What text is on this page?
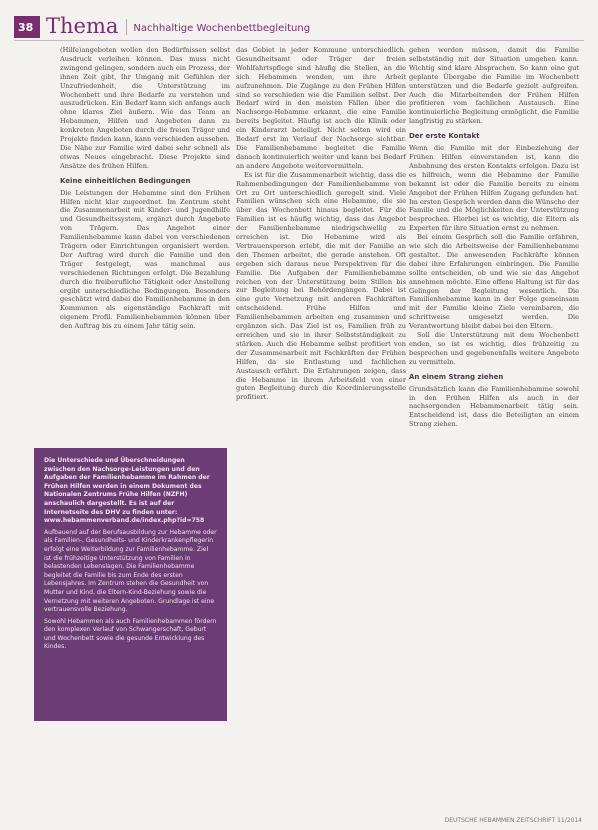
38 Thema Nachhaltige Wochenbettbegleitung

(Hilfe)angeboten wollen den Bedürfnissen selbst Ausdruck verleihen können. Das muss nicht zwingend gelingen, sondern auch ein Prozess, der ihnen Zeit gibt, Ihr Umgang mit Gefühlen der Unzufriedenheit, die Unterstützung im Wochenbett und ihre Bedarfe zu verstehen und auszudrücken. Ein Bedarf kann sich anfangs auch ohne klares Ziel äußern. Wie das Team an Hebammen, Hilfen und Angeboten dann zu konkreten Angeboten durch die freien Träger und Projekte finden kann, kann verschieden aussehen. Die Nähe zur Familie wird dabei sehr schnell als etwas Neues eingebracht. Diese Projekte sind Ansätze des frühen Hilfen.

Keine einheitlichen Bedingungen

Die Leistungen der Hebamme sind den Frühen Hilfen nicht klar zugeordnet. Im Zentrum steht die Zusammenarbeit mit Kinder- und Jugendhilfe und Gesundheitssystem, ergänzt durch Angebote von Trägern. Das Angebot einer Familienhebamme kann dabei von verschiedenen Trägern oder Einrichtungen organisiert werden. Der Auftrag wird durch die Familie und den Träger festgelegt, was manchmal aus verschiedenen Richtungen erfolgt. Die Bezahlung durch die freiberufliche Tätigkeit oder Anstellung ergibt unterschiedliche Bedingungen. Besonders geschätzt wird dabei die Familienhebamme in den Kommunen als eigenständige Fachkraft mit eigenem Profil. Familienhebammen können über den Auftrag bis zu einem Jahr tätig sein.

das Gebiet in jeder Kommune unterschiedlich. Gesundheitsamt oder Träger der freien Wohlfahrtspflege sind häufig die Stellen, an die sich Hebammen wenden, um ihre Arbeit aufzunehmen. Die Zugänge zu den Frühen Hilfen sind so verschieden wie die Familien selbst. Der Bedarf wird in den meisten Fällen über die Nachsorge-Hebamme erkannt, die eine Familie bereits begleitet. Häufig ist auch die Klinik oder ein Kinderarzt beteiligt. Nicht selten wird ein Bedarf erst im Verlauf der Nachsorge sichtbar. Die Familienhebamme begleitet die Familie danach kontinuierlich weiter und kann bei Bedarf an andere Angebote weitervermitteln.

Es ist für die Zusammenarbeit wichtig, dass die Rahmenbedingungen der Familienhebamme von Ort zu Ort unterschiedlich geregelt sind. Viele Familien wünschen sich eine Hebamme, die sie über das Wochenbett hinaus begleitet. Für die Familien ist es häufig wichtig, dass das Angebot der Familienhebamme niedrigschwellig zu erreichen ist. Die Hebamme wird als Vertrauensperson erlebt, die mit der Familie an den Themen arbeitet, die gerade anstehen. Oft ergeben sich daraus neue Perspektiven für die Familie. Die Aufgaben der Familienhebamme reichen von der Unterstützung beim Stillen bis zur Begleitung bei Behördengängen. Dabei ist eine gute Vernetzung mit anderen Fachkräften entscheidend. Frühe Hilfen und Familienhebammen arbeiten eng zusammen und ergänzen sich. Das Ziel ist es, Familien früh zu erreichen und sie in ihrer Selbstständigkeit zu stärken. Auch die Hebamme selbst profitiert von der Zusammenarbeit mit Fachkräften der Frühen Hilfen, da sie Entlastung und fachlichen Austausch erfährt. Die Erfahrungen zeigen, dass die Hebamme in ihrem Arbeitsfeld von einer guten Begleitung durch die Koordinierungsstelle profitiert.

geben werden müssen, damit die Familie selbstständig mit der Situation umgehen kann. Wichtig sind klare Absprachen. So kann eine gut geplante Übergabe die Familie im Wochenbett unterstützen und die Bedarfe gezielt aufgreifen. Auch die Mitarbeitenden der Frühen Hilfen profitieren vom fachlichen Austausch. Eine kontinuierliche Begleitung ermöglicht, die Familie langfristig zu stärken.

Der erste Kontakt

Wenn die Familie mit der Einbeziehung der Frühen Hilfen einverstanden ist, kann die Anbahnung des ersten Kontakts erfolgen. Dazu ist es hilfreich, wenn die Hebamme der Familie bekannt ist oder die Familie bereits zu einem Angebot der Frühen Hilfen Zugang gefunden hat. Im ersten Gespräch werden dann die Wünsche der Familie und die Möglichkeiten der Unterstützung besprochen. Hierbei ist es wichtig, die Eltern als Experten für ihre Situation ernst zu nehmen.

Bei einem Gespräch soll die Familie erfahren, wie sich die Arbeitsweise der Familienhebamme gestaltet. Die anwesenden Fachkräfte können dabei ihre Erfahrungen einbringen. Die Familie sollte entscheiden, ob und wie sie das Angebot annehmen möchte. Eine offene Haltung ist für das Gelingen der Begleitung wesentlich. Die Familienhebamme kann in der Folge gemeinsam mit der Familie kleine Ziele vereinbaren, die schrittweise umgesetzt werden. Die Verantwortung bleibt dabei bei den Eltern.

Soll die Unterstützung mit dem Wochenbett enden, so ist es wichtig, dies frühzeitig zu besprechen und gegebenenfalls weitere Angebote zu vermitteln.

An einem Strang ziehen

Grundsätzlich kann die Familienhebamme sowohl in den Frühen Hilfen als auch in der nachsorgenden Hebammenarbeit tätig sein. Entscheidend ist, dass die Beteiligten an einem Strang ziehen.

Die Unterschiede und Überschneidungen zwischen den Nachsorge-Leistungen und den Aufgaben der Familienhebamme im Rahmen der Frühen Hilfen werden in einem Dokument des Nationalen Zentrums Frühe Hilfen (NZFH) anschaulich dargestellt. Es ist auf der Internetseite des DHV zu finden unter: www.hebammenverband.de/index.php?id=758

Aufbauend auf der Berufsausbildung zur Hebamme oder als Familien-, Gesundheits- und Kinderkrankenpflegerin erfolgt eine Weiterbildung zur Familienhebamme. Ziel ist die frühzeitige Unterstützung von Familien in belastenden Lebenslagen. Die Familienhebamme begleitet die Familie bis zum Ende des ersten Lebensjahres. Im Zentrum stehen die Gesundheit von Mutter und Kind, die Eltern-Kind-Beziehung sowie die Vernetzung mit weiteren Angeboten. Grundlage ist eine vertrauensvolle Beziehung.

Sowohl Hebammen als auch Familienhebammen fördern den komplexen Verlauf von Schwangerschaft, Geburt und Wochenbett sowie die gesunde Entwicklung des Kindes.

DEUTSCHE HEBAMMEN ZEITSCHRIFT 11/2014
